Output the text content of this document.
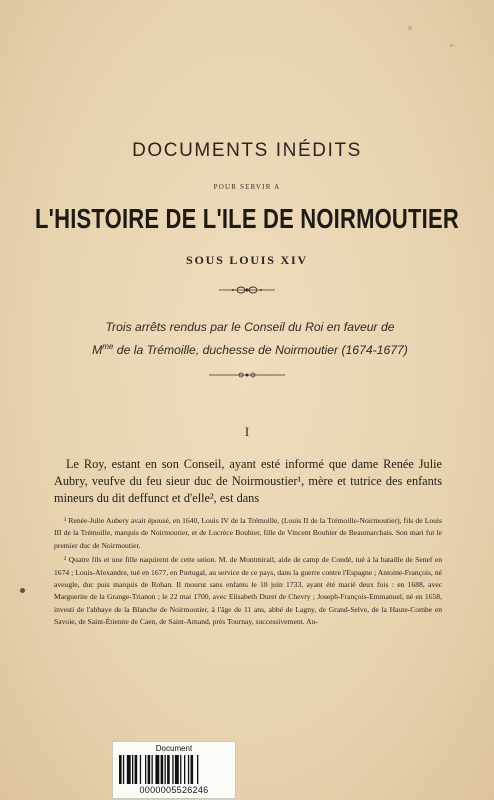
DOCUMENTS INÉDITS
POUR SERVIR A
L'HISTOIRE DE L'ILE DE NOIRMOUTIER
SOUS LOUIS XIV
Trois arrêts rendus par le Conseil du Roi en faveur de
$M^{me}$ de la Trémoille, duchesse de Noirmoutier (1674-1677)
I

Le Roy, estant en son Conseil, ayant esté informé que dame Renée Julie Aubry, veufve du feu sieur duc de Noirmoustier¹, mère et tutrice des enfants mineurs du dit deffunct et d'elle², est dans

¹ Renée-Julie Aubery avait épousé, en 1640, Louis IV de la Trémoille, (Louis II de la Trémoille-Noirmoutier), fils de Louis III de la Trémoille, marquis de Noirmoutier, et de Lucrèce Bouhier, fille de Vincent Bouhier de Beaumarchais. Son mari fut le premier duc de Noirmoutier.

² Quatre fils et une fille naquirent de cette union. M. de Montmirail, aide de camp de Condé, tué à la bataille de Senef en 1674 ; Louis-Alexandre, tué en 1677, en Portugal, au service de ce pays, dans la guerre contre l'Espagne ; Antoine-François, né aveugle, duc puis marquis de Rohan. Il mourut sans enfants le 18 juin 1733, ayant été marié deux fois : en 1688, avec Marguerite de la Grange-Trianon ; le 22 mai 1700, avec Elisabeth Duret de Chevry ; Joseph-François-Emmanuel, né en 1658, investi de l'abbaye de la Blanche de Noirmoutier, à l'âge de 11 ans, abbé de Lagny, de Grand-Selve, de la Haute-Combe en Savoie, de Saint-Étienne de Caen, de Saint-Amand, près Tournay, successivement. Au-

Document
0000005526246
